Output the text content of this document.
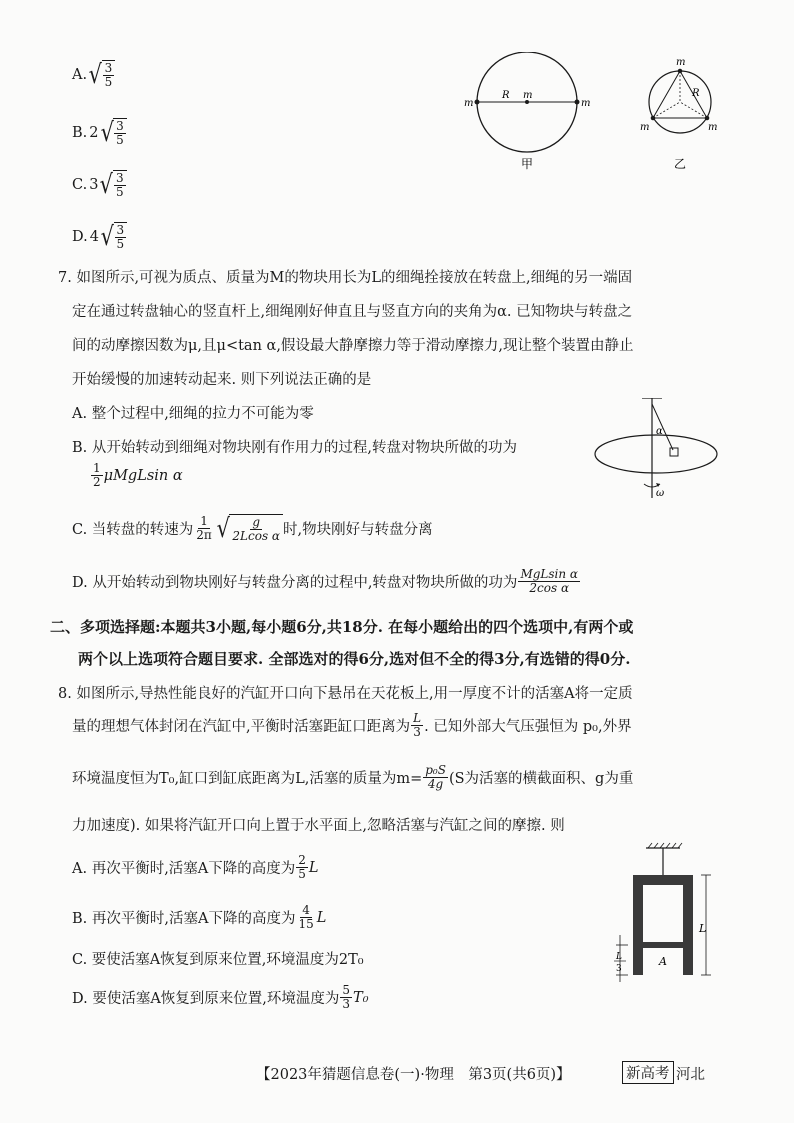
A. √ $\frac{3}{5}$
B. 2 √ $\frac{3}{5}$
C. 3 √ $\frac{3}{5}$
D. 4 √ $\frac{3}{5}$
m
R m
m
甲
m
m	m
R
乙
7. 如图所示,可视为质点、质量为M的物块用长为L的细绳拴接放在转盘上,细绳的另一端固
定在通过转盘轴心的竖直杆上,细绳刚好伸直且与竖直方向的夹角为α. 已知物块与转盘之
间的动摩擦因数为μ,且μ<tan α,假设最大静摩擦力等于滑动摩擦力,现让整个装置由静止
开始缓慢的加速转动起来. 则下列说法正确的是
A. 整个过程中,细绳的拉力不可能为零
B. 从开始转动到细绳对物块刚有作用力的过程,转盘对物块所做的功为
$\frac{1}{2}$ μMgLsin α
C. 当转盘的转速为 $\frac{1}{2\pi}$ √ $\frac{g}{\text{2Lcos α}}$ 时,物块刚好与转盘分离
D. 从开始转动到物块刚好与转盘分离的过程中,转盘对物块所做的功为 $\frac{\text{MgLsin α}}{\text{2cos α}}$
α
ω
二、多项选择题:本题共3小题,每小题6分,共18分. 在每小题给出的四个选项中,有两个或
两个以上选项符合题目要求. 全部选对的得6分,选对但不全的得3分,有选错的得0分.
8. 如图所示,导热性能良好的汽缸开口向下悬吊在天花板上,用一厚度不计的活塞A将一定质
量的理想气体封闭在汽缸中,平衡时活塞距缸口距离为 $\frac{L}{3}$ . 已知外部大气压强恒为 p₀,外界
环境温度恒为T₀,缸口到缸底距离为L,活塞的质量为$m= \frac{\text{p₀S}}{4g} (S$为活塞的横截面积、g为重
力加速度). 如果将汽缸开口向上置于水平面上,忽略活塞与汽缸之间的摩擦. 则
A. 再次平衡时,活塞A下降的高度为 $\frac{2}{5}$ L
B. 再次平衡时,活塞A下降的高度为 $\frac{4}{15}$ L
C. 要使活塞A恢复到原来位置,环境温度为2T₀
D. 要使活塞A恢复到原来位置,环境温度为 $\frac{5}{3} T_0$
A
L
L
3
【2023年猜题信息卷(一)·物理　第3页(共6页)】	新高考 河北
